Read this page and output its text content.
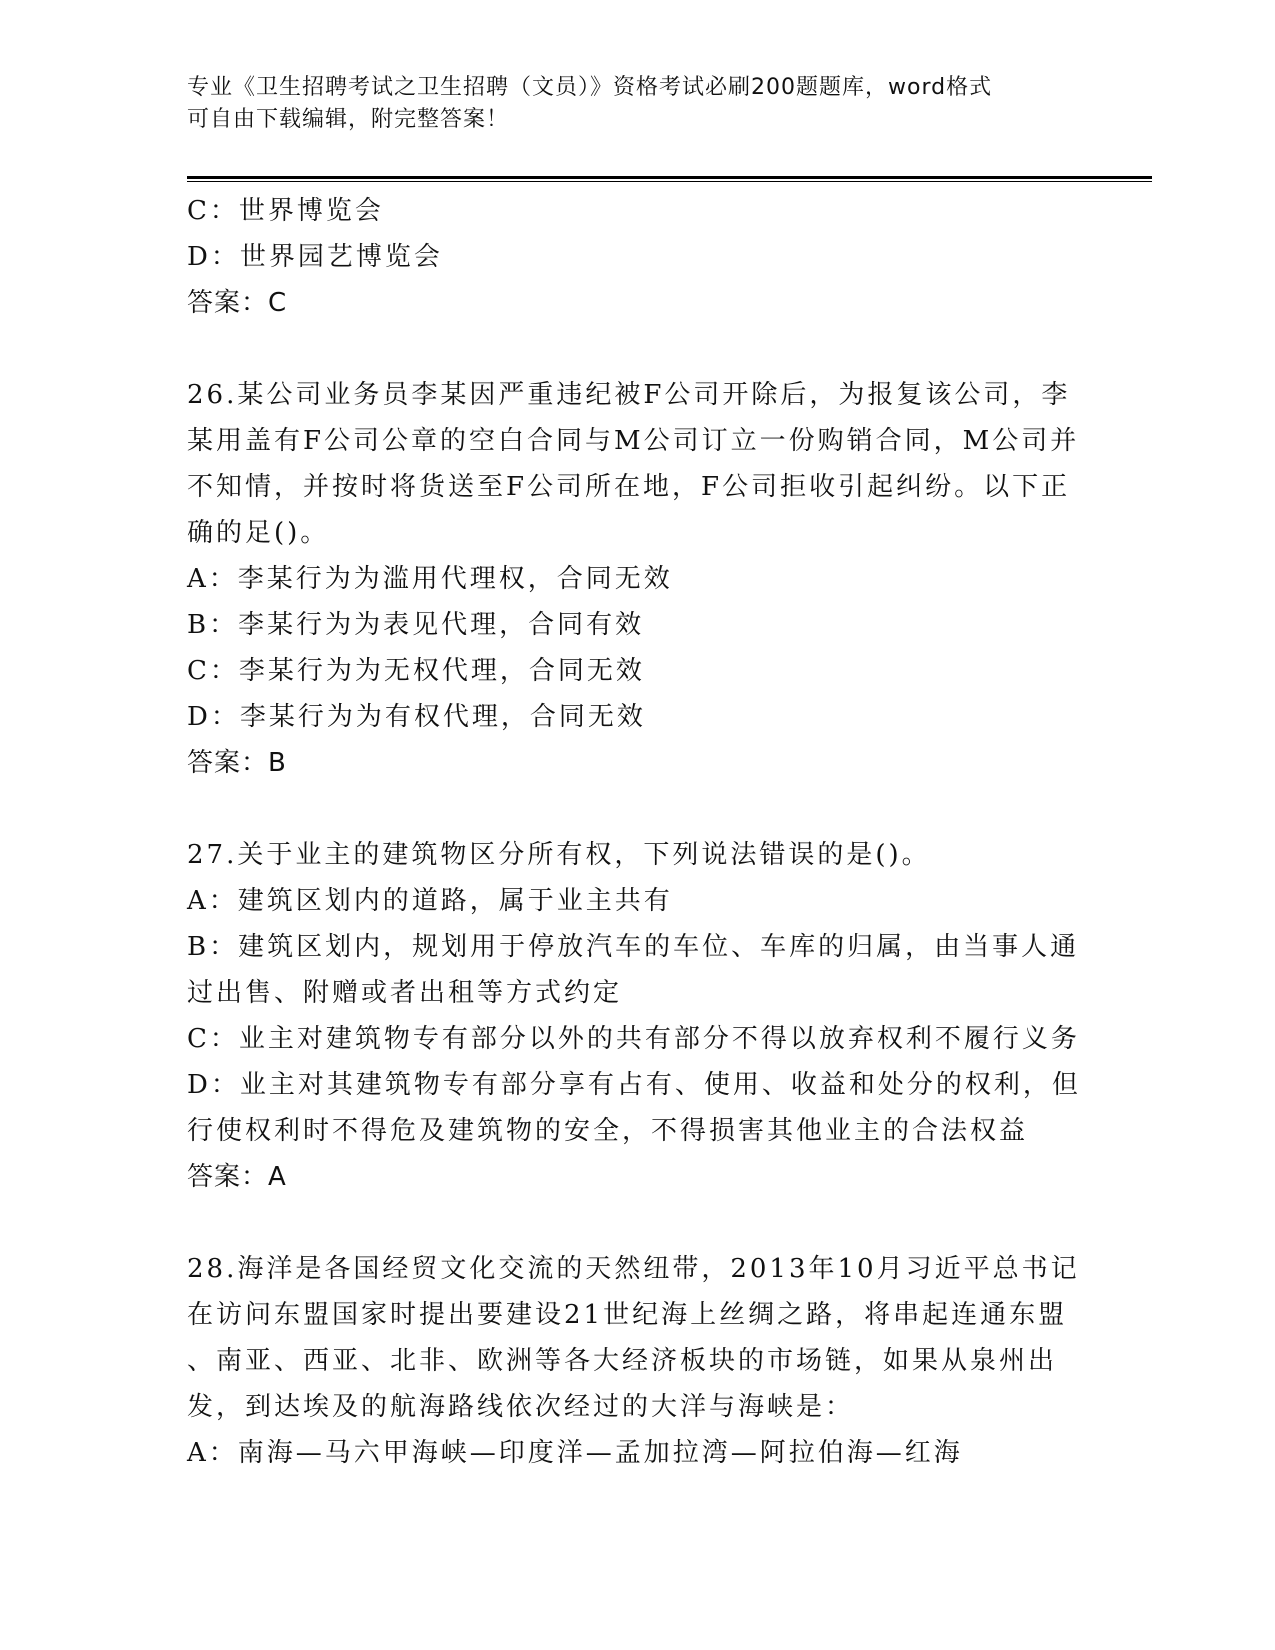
专业《卫生招聘考试之卫生招聘（文员）》资格考试必刷200题题库，word格式
可自由下载编辑，附完整答案！
C：世界博览会
D：世界园艺博览会
答案：C
26.某公司业务员李某因严重违纪被F公司开除后，为报复该公司，李
某用盖有F公司公章的空白合同与M公司订立一份购销合同，M公司并
不知情，并按时将货送至F公司所在地，F公司拒收引起纠纷。以下正
确的足()。
A：李某行为为滥用代理权，合同无效
B：李某行为为表见代理，合同有效
C：李某行为为无权代理，合同无效
D：李某行为为有权代理，合同无效
答案：B
27.关于业主的建筑物区分所有权，下列说法错误的是()。
A：建筑区划内的道路，属于业主共有
B：建筑区划内，规划用于停放汽车的车位、车库的归属，由当事人通
过出售、附赠或者出租等方式约定
C：业主对建筑物专有部分以外的共有部分不得以放弃权利不履行义务
D：业主对其建筑物专有部分享有占有、使用、收益和处分的权利，但
行使权利时不得危及建筑物的安全，不得损害其他业主的合法权益
答案：A
28.海洋是各国经贸文化交流的天然纽带，2013年10月习近平总书记
在访问东盟国家时提出要建设21世纪海上丝绸之路，将串起连通东盟
、南亚、西亚、北非、欧洲等各大经济板块的市场链，如果从泉州出
发，到达埃及的航海路线依次经过的大洋与海峡是：
A：南海—马六甲海峡—印度洋—孟加拉湾—阿拉伯海—红海
